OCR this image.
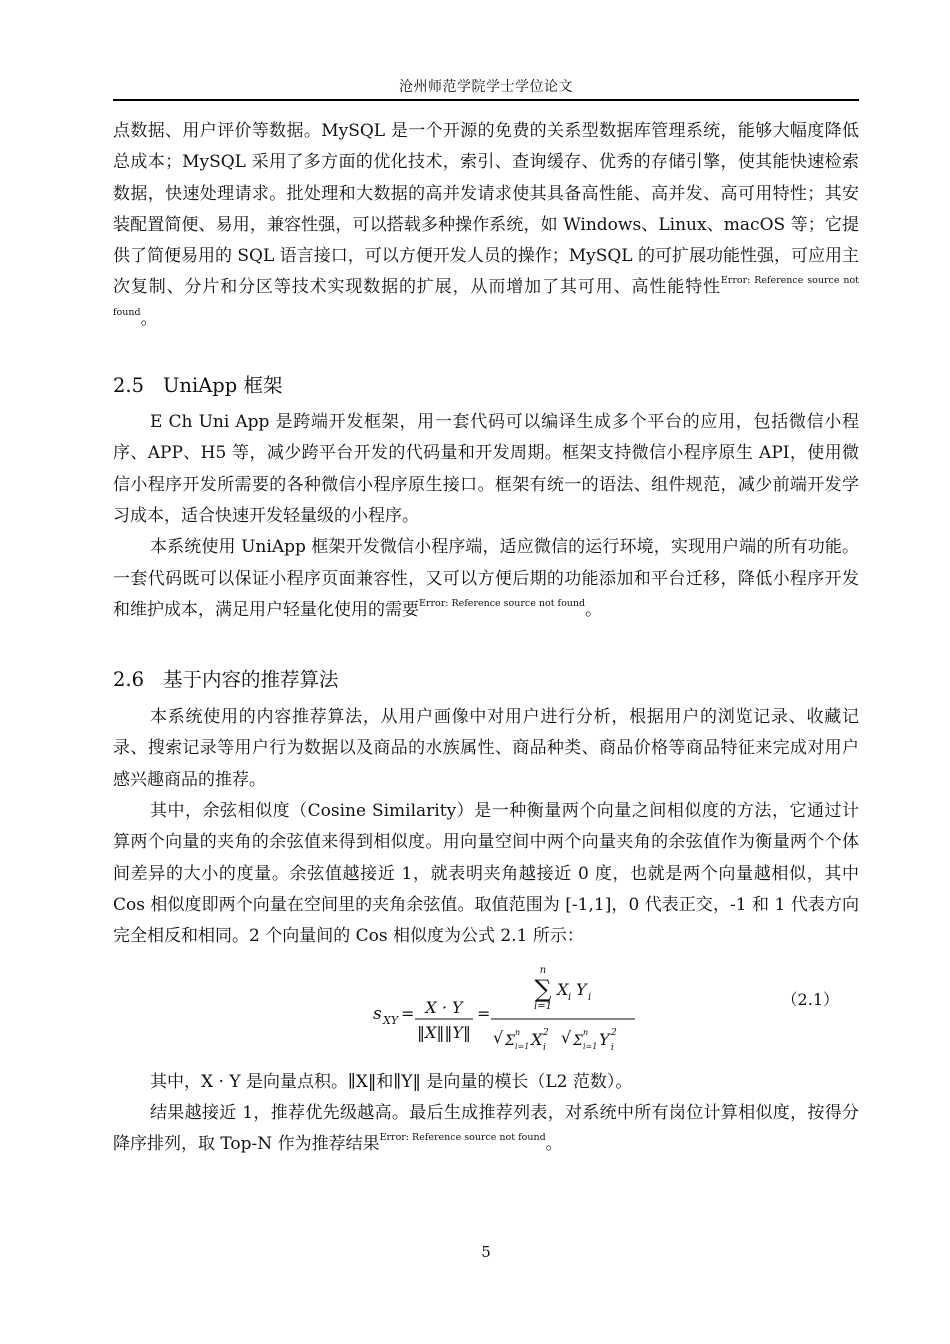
沧州师范学院学士学位论文

点数据、用户评价等数据。MySQL 是一个开源的免费的关系型数据库管理系统，能够大幅度降低总成本；MySQL 采用了多方面的优化技术，索引、查询缓存、优秀的存储引擎，使其能快速检索数据，快速处理请求。批处理和大数据的高并发请求使其具备高性能、高并发、高可用特性；其安装配置简便、易用，兼容性强，可以搭载多种操作系统，如 Windows、Linux、macOS 等；它提供了简便易用的 SQL 语言接口，可以方便开发人员的操作；MySQL 的可扩展功能性强，可应用主次复制、分片和分区等技术实现数据的扩展，从而增加了其可用、高性能特性$^{Error: Reference source not found}$。

2.5 UniApp 框架

E Ch Uni App 是跨端开发框架，用一套代码可以编译生成多个平台的应用，包括微信小程序、APP、H5 等，减少跨平台开发的代码量和开发周期。框架支持微信小程序原生 API，使用微信小程序开发所需要的各种微信小程序原生接口。框架有统一的语法、组件规范，减少前端开发学习成本，适合快速开发轻量级的小程序。

本系统使用 UniApp 框架开发微信小程序端，适应微信的运行环境，实现用户端的所有功能。一套代码既可以保证小程序页面兼容性，又可以方便后期的功能添加和平台迁移，降低小程序开发和维护成本，满足用户轻量化使用的需要$^{Error: Reference source not found}$。

2.6 基于内容的推荐算法

本系统使用的内容推荐算法，从用户画像中对用户进行分析，根据用户的浏览记录、收藏记录、搜索记录等用户行为数据以及商品的水族属性、商品种类、商品价格等商品特征来完成对用户感兴趣商品的推荐。

其中，余弦相似度（Cosine Similarity）是一种衡量两个向量之间相似度的方法，它通过计算两个向量的夹角的余弦值来得到相似度。用向量空间中两个向量夹角的余弦值作为衡量两个个体间差异的大小的度量。余弦值越接近 1，就表明夹角越接近 0 度，也就是两个向量越相似，其中 Cos 相似度即两个向量在空间里的夹角余弦值。取值范围为 [-1,1]，0 代表正交，-1 和 1 代表方向完全相反和相同。2 个向量间的 Cos 相似度为公式 2.1 所示：

s XY = X · Y
‖X‖‖Y‖
=
n
∑
i=1
X i Y i
√ Σ
n
i=1 X 2
i
√ Σ
n
i=1 Y 2
i
（2.1）

其中，X · Y 是向量点积。∥X‖和∥Y‖ 是向量的模长（L2 范数）。

结果越接近 1，推荐优先级越高。最后生成推荐列表，对系统中所有岗位计算相似度，按得分降序排列，取 Top-N 作为推荐结果$^{Error: Reference source not found}$。

5
